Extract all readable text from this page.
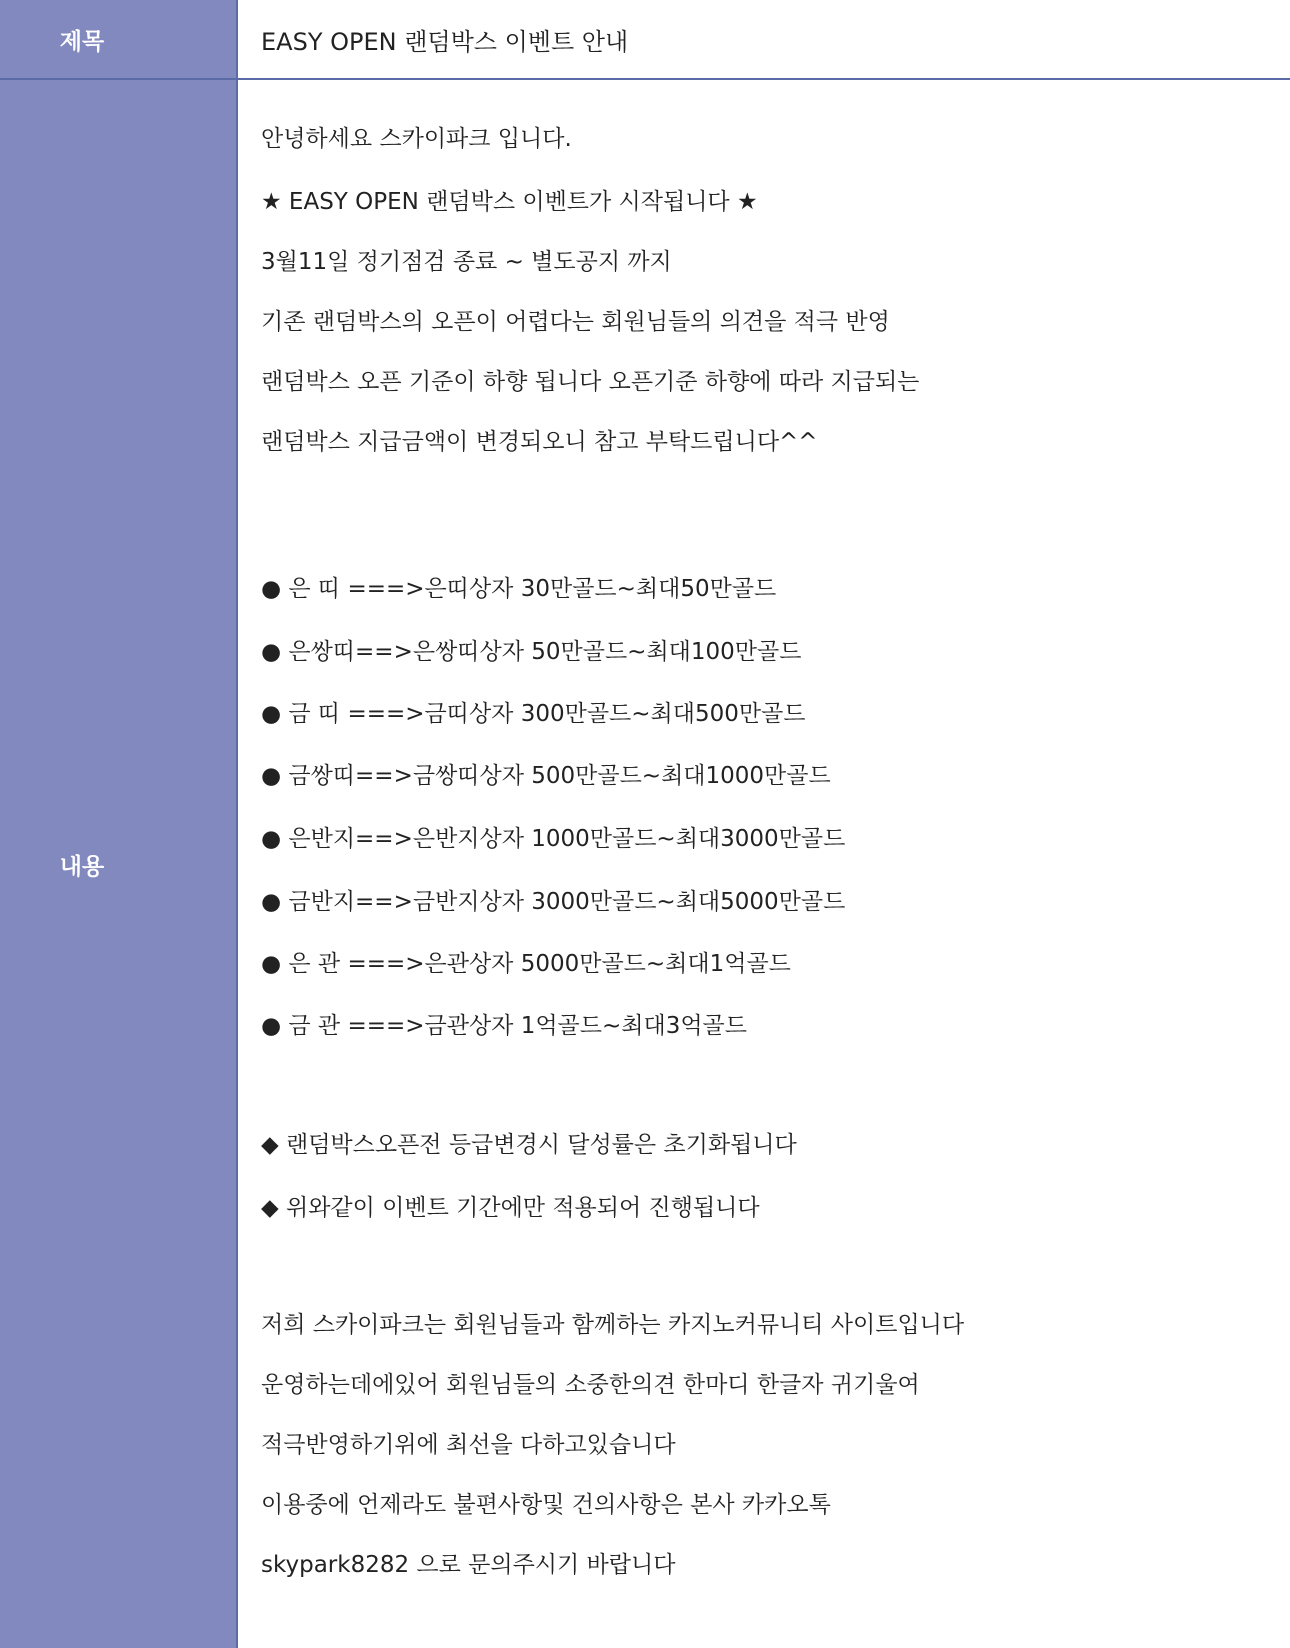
제목	EASY OPEN 랜덤박스 이벤트 안내
내용
안녕하세요 스카이파크 입니다.
★ EASY OPEN 랜덤박스 이벤트가 시작됩니다 ★
3월11일 정기점검 종료 ~ 별도공지 까지
기존 랜덤박스의 오픈이 어렵다는 회원님들의 의견을 적극 반영
랜덤박스 오픈 기준이 하향 됩니다 오픈기준 하향에 따라 지급되는
랜덤박스 지급금액이 변경되오니 참고 부탁드립니다^^
● 은 띠 ===>은띠상자 30만골드~최대50만골드
● 은쌍띠==>은쌍띠상자 50만골드~최대100만골드
● 금 띠 ===>금띠상자 300만골드~최대500만골드
● 금쌍띠==>금쌍띠상자 500만골드~최대1000만골드
● 은반지==>은반지상자 1000만골드~최대3000만골드
● 금반지==>금반지상자 3000만골드~최대5000만골드
● 은 관 ===>은관상자 5000만골드~최대1억골드
● 금 관 ===>금관상자 1억골드~최대3억골드
◆ 랜덤박스오픈전 등급변경시 달성률은 초기화됩니다
◆ 위와같이 이벤트 기간에만 적용되어 진행됩니다
저희 스카이파크는 회원님들과 함께하는 카지노커뮤니티 사이트입니다
운영하는데에있어 회원님들의 소중한의견 한마디 한글자 귀기울여
적극반영하기위에 최선을 다하고있습니다
이용중에 언제라도 불편사항및 건의사항은 본사 카카오톡
skypark8282 으로 문의주시기 바랍니다
